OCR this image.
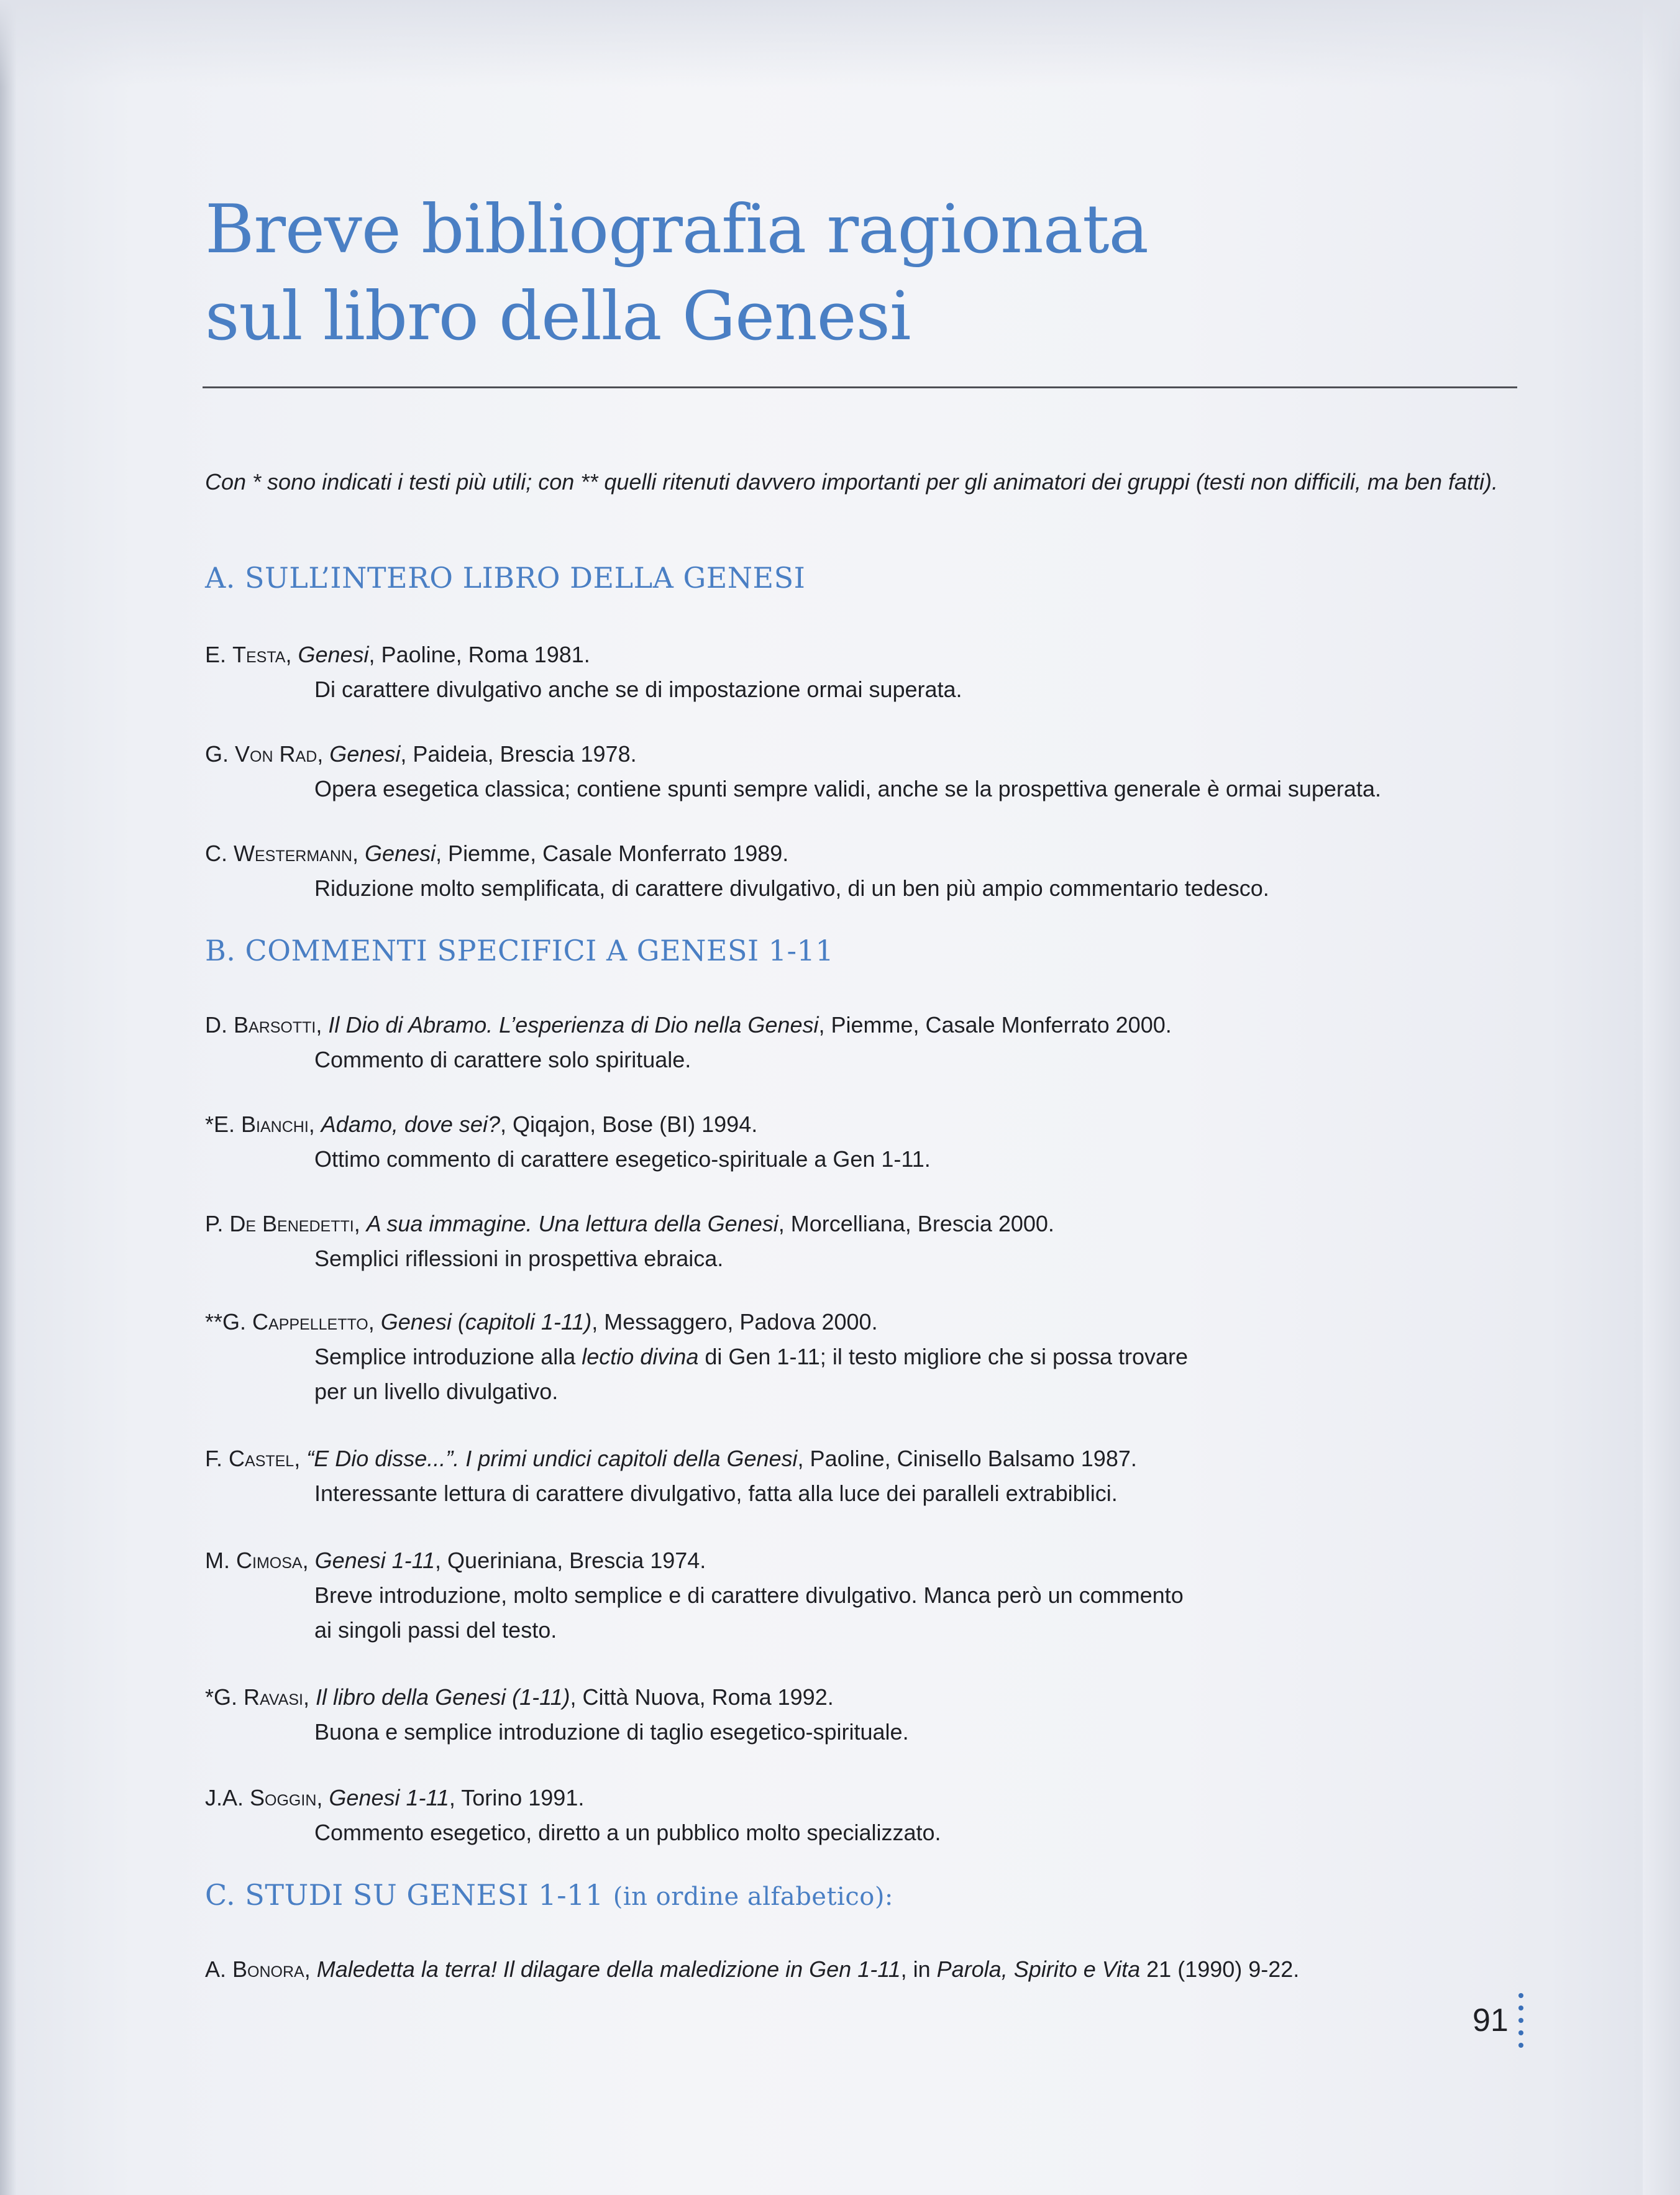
Breve bibliografia ragionata
sul libro della Genesi

Con * sono indicati i testi più utili; con ** quelli ritenuti davvero importanti per gli animatori dei gruppi (testi non difficili, ma ben fatti).

A. SULL’INTERO LIBRO DELLA GENESI
E. Testa, Genesi, Paoline, Roma 1981.
Di carattere divulgativo anche se di impostazione ormai superata.
G. Von Rad, Genesi, Paideia, Brescia 1978.
Opera esegetica classica; contiene spunti sempre validi, anche se la prospettiva generale è ormai superata.
C. Westermann, Genesi, Piemme, Casale Monferrato 1989.
Riduzione molto semplificata, di carattere divulgativo, di un ben più ampio commentario tedesco.
B. COMMENTI SPECIFICI A GENESI 1-11
D. Barsotti, Il Dio di Abramo. L’esperienza di Dio nella Genesi, Piemme, Casale Monferrato 2000.
Commento di carattere solo spirituale.
*E. Bianchi, Adamo, dove sei?, Qiqajon, Bose (BI) 1994.
Ottimo commento di carattere esegetico-spirituale a Gen 1-11.
P. De Benedetti, A sua immagine. Una lettura della Genesi, Morcelliana, Brescia 2000.
Semplici riflessioni in prospettiva ebraica.
**G. Cappelletto, Genesi (capitoli 1-11), Messaggero, Padova 2000.
Semplice introduzione alla lectio divina di Gen 1-11; il testo migliore che si possa trovare
per un livello divulgativo.
F. Castel, “E Dio disse...”. I primi undici capitoli della Genesi, Paoline, Cinisello Balsamo 1987.
Interessante lettura di carattere divulgativo, fatta alla luce dei paralleli extrabiblici.
M. Cimosa, Genesi 1-11, Queriniana, Brescia 1974.
Breve introduzione, molto semplice e di carattere divulgativo. Manca però un commento
ai singoli passi del testo.
*G. Ravasi, Il libro della Genesi (1-11), Città Nuova, Roma 1992.
Buona e semplice introduzione di taglio esegetico-spirituale.
J.A. Soggin, Genesi 1-11, Torino 1991.
Commento esegetico, diretto a un pubblico molto specializzato.
C. STUDI SU GENESI 1-11 (in ordine alfabetico):
A. Bonora, Maledetta la terra! Il dilagare della maledizione in Gen 1-11, in Parola, Spirito e Vita 21 (1990) 9-22.
91
